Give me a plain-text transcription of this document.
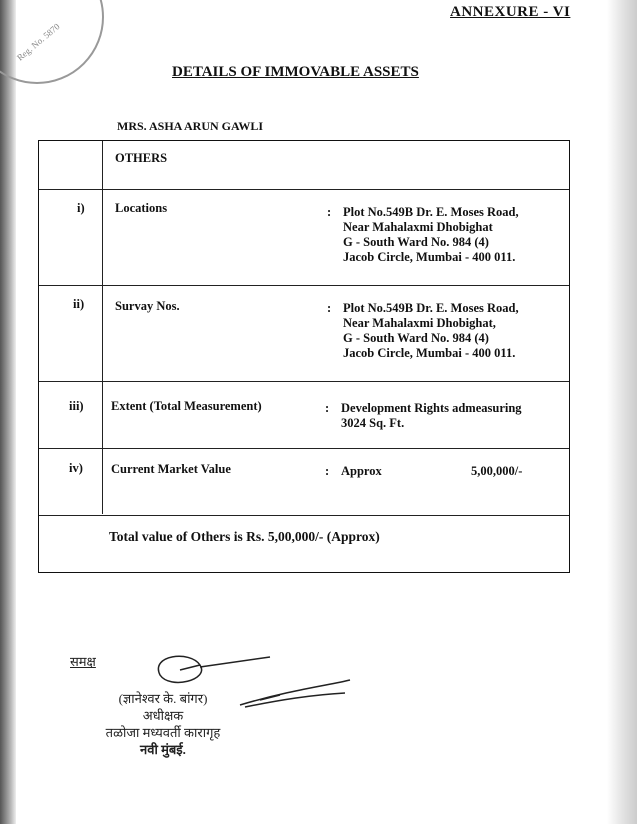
Reg. No. 5870
ANNEXURE - VI
DETAILS OF IMMOVABLE ASSETS
MRS. ASHA ARUN GAWLI
OTHERS
i) Locations	: Plot No.549B Dr. E. Moses Road,
Near Mahalaxmi Dhobighat
G - South Ward No. 984 (4)
Jacob Circle, Mumbai - 400 011.
ii) Survay Nos.	: Plot No.549B Dr. E. Moses Road,
Near Mahalaxmi Dhobighat,
G - South Ward No. 984 (4)
Jacob Circle, Mumbai - 400 011.
iii) Extent (Total Measurement)	: Development Rights admeasuring
3024 Sq. Ft.
iv) Current Market Value	: Approx	5,00,000/-
Total value of Others is Rs. 5,00,000/- (Approx)
समक्ष
(ज्ञानेश्वर के. बांगर)
अधीक्षक
तळोजा मध्यवर्ती कारागृह
नवी मुंबई.
